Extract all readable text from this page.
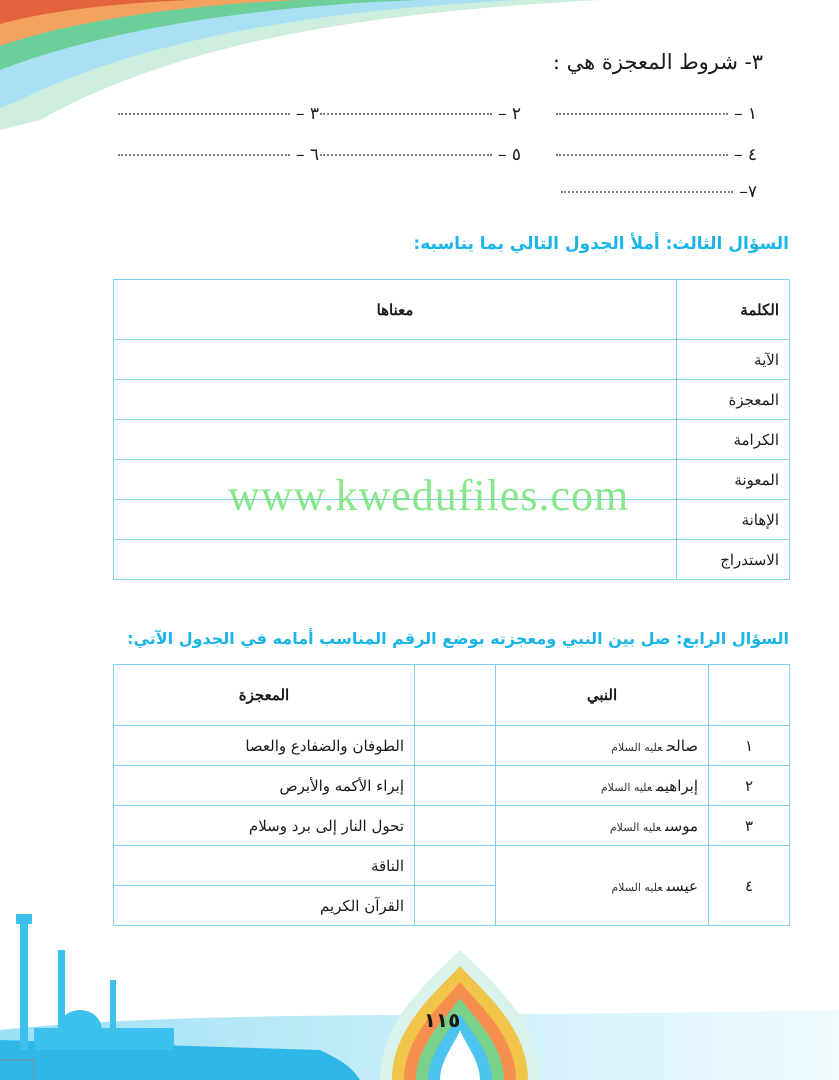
٣- شروط المعجزة هي :
١ –
٢ –
٣ –
٤ –
٥ –
٦ –
٧–
السؤال الثالث: أملأ الجدول التالي بما يناسبه:
الكلمة	معناها
الآية	
المعجزة	
الكرامة	
المعونة	
الإهانة	
الاستدراج	
www.kwedufiles.com
السؤال الرابع: صل بين النبي ومعجزته بوضع الرقم المناسب أمامه في الجدول الآتي:
	النبي		المعجزة
١	صالحعليه السلام		الطوفان والضفادع والعصا
٢	إبراهيمعليه السلام		إبراء الأكمه والأبرص
٣	موسىعليه السلام		تحول النار إلى برد وسلام
٤	عيسىعليه السلام		الناقة
			القرآن الكريم
١١٥
